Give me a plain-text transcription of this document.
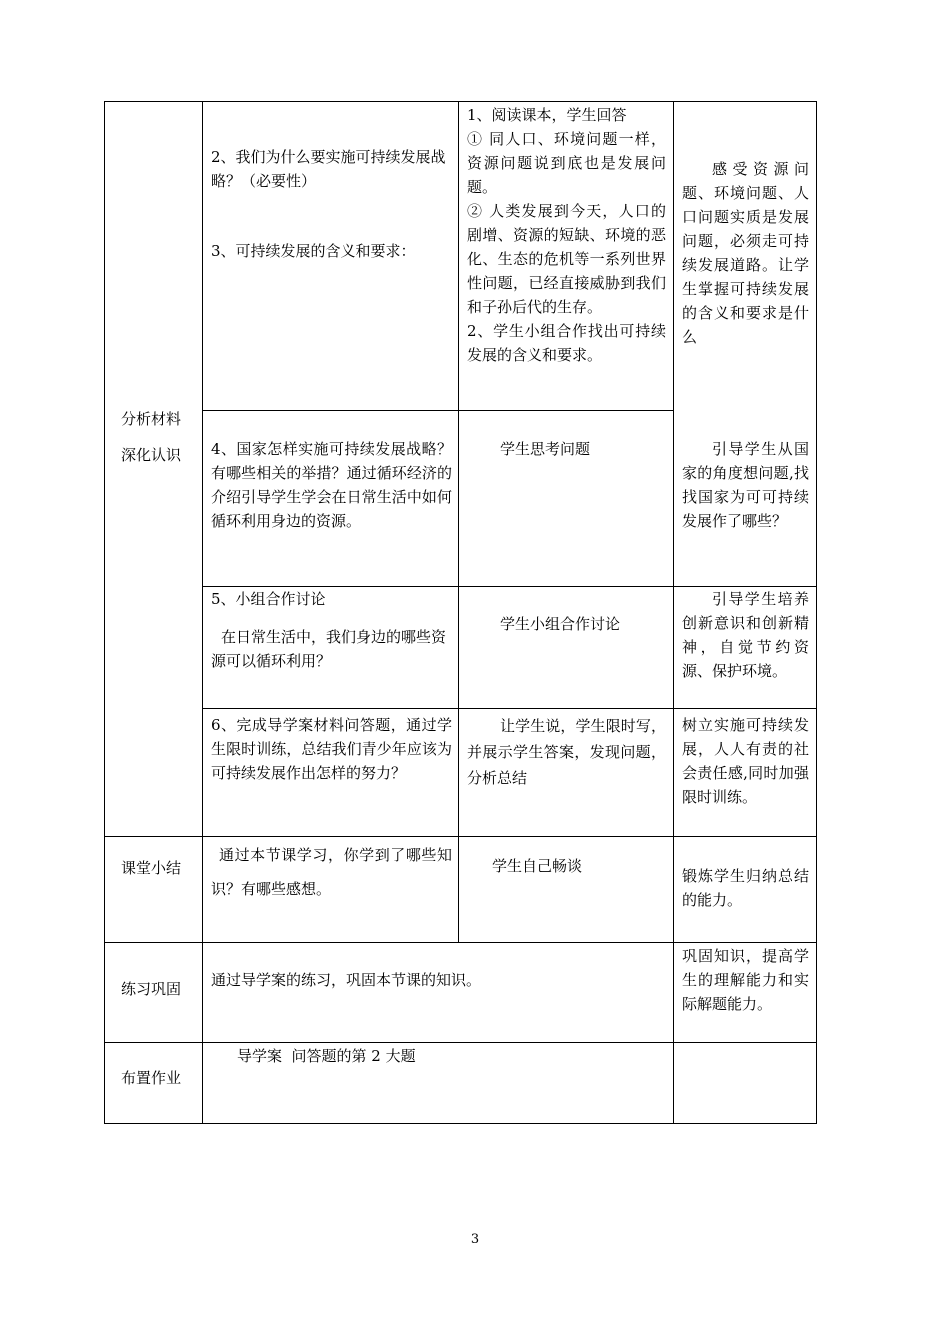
分析材料

深化认识

课堂小结
练习巩固
布置作业

2、我们为什么要实施可持续发展战略？（必要性）

3、可持续发展的含义和要求：

1、阅读课本，学生回答

① 同人口、环境问题一样，资源问题说到底也是发展问题。

② 人类发展到今天，人口的剧增、资源的短缺、环境的恶化、生态的危机等一系列世界性问题，已经直接威胁到我们和子孙后代的生存。

2、学生小组合作找出可持续发展的含义和要求。

感受资源问题、环境问题、人口问题实质是发展问题，必须走可持续发展道路。让学生掌握可持续发展的含义和要求是什么

4、国家怎样实施可持续发展战略？有哪些相关的举措？通过循环经济的介绍引导学生学会在日常生活中如何循环利用身边的资源。

学生思考问题	引导学生从国家的角度想问题,找找国家为可可持续发展作了哪些？

5、小组合作讨论

在日常生活中，我们身边的哪些资源可以循环利用？

学生小组合作讨论

引导学生培养创新意识和创新精神，自觉节约资源、保护环境。

6、完成导学案材料问答题，通过学生限时训练，总结我们青少年应该为可持续发展作出怎样的努力？

让学生说，学生限时写，并展示学生答案，发现问题，分析总结

树立实施可持续发展，人人有责的社会责任感,同时加强限时训练。

通过本节课学习，你学到了哪些知识？有哪些感想。

学生自己畅谈

锻炼学生归纳总结的能力。

通过导学案的练习，巩固本节课的知识。

巩固知识，提高学生的理解能力和实际解题能力。

导学案  问答题的第 2 大题
3
